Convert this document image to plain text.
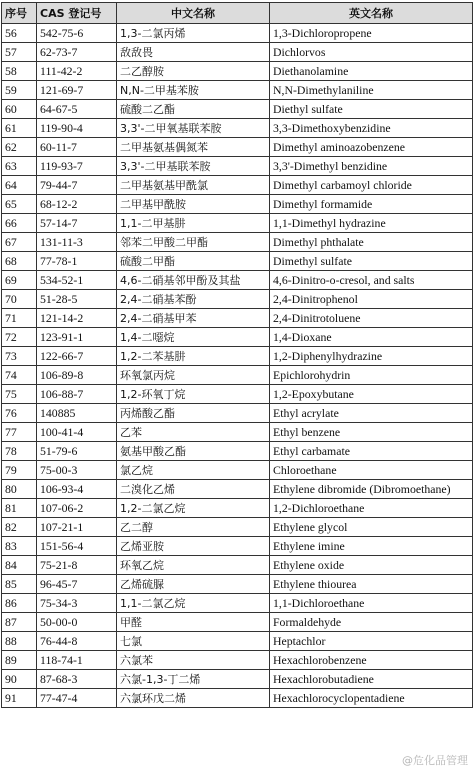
序号	CAS 登记号	中文名称	英文名称
56	542-75-6	1,3-二氯丙烯	1,3-Dichloropropene
57	62-73-7	敌敌畏	Dichlorvos
58	111-42-2	二乙醇胺	Diethanolamine
59	121-69-7	N,N-二甲基苯胺	N,N-Dimethylaniline
60	64-67-5	硫酸二乙酯	Diethyl sulfate
61	119-90-4	3,3'-二甲氧基联苯胺	3,3-Dimethoxybenzidine
62	60-11-7	二甲基氨基偶氮苯	Dimethyl aminoazobenzene
63	119-93-7	3,3'-二甲基联苯胺	3,3'-Dimethyl benzidine
64	79-44-7	二甲基氨基甲酰氯	Dimethyl carbamoyl chloride
65	68-12-2	二甲基甲酰胺	Dimethyl formamide
66	57-14-7	1,1-二甲基肼	1,1-Dimethyl hydrazine
67	131-11-3	邻苯二甲酸二甲酯	Dimethyl phthalate
68	77-78-1	硫酸二甲酯	Dimethyl sulfate
69	534-52-1	4,6-二硝基邻甲酚及其盐	4,6-Dinitro-o-cresol, and salts
70	51-28-5	2,4-二硝基苯酚	2,4-Dinitrophenol
71	121-14-2	2,4-二硝基甲苯	2,4-Dinitrotoluene
72	123-91-1	1,4-二噁烷	1,4-Dioxane
73	122-66-7	1,2-二苯基肼	1,2-Diphenylhydrazine
74	106-89-8	环氧氯丙烷	Epichlorohydrin
75	106-88-7	1,2-环氧丁烷	1,2-Epoxybutane
76	140885	丙烯酸乙酯	Ethyl acrylate
77	100-41-4	乙苯	Ethyl benzene
78	51-79-6	氨基甲酸乙酯	Ethyl carbamate
79	75-00-3	氯乙烷	Chloroethane
80	106-93-4	二溴化乙烯	Ethylene dibromide (Dibromoethane)
81	107-06-2	1,2-二氯乙烷	1,2-Dichloroethane
82	107-21-1	乙二醇	Ethylene glycol
83	151-56-4	乙烯亚胺	Ethylene imine
84	75-21-8	环氧乙烷	Ethylene oxide
85	96-45-7	乙烯硫脲	Ethylene thiourea
86	75-34-3	1,1-二氯乙烷	1,1-Dichloroethane
87	50-00-0	甲醛	Formaldehyde
88	76-44-8	七氯	Heptachlor
89	118-74-1	六氯苯	Hexachlorobenzene
90	87-68-3	六氯-1,3-丁二烯	Hexachlorobutadiene
91	77-47-4	六氯环戊二烯	Hexachlorocyclopentadiene
@危化品管理
